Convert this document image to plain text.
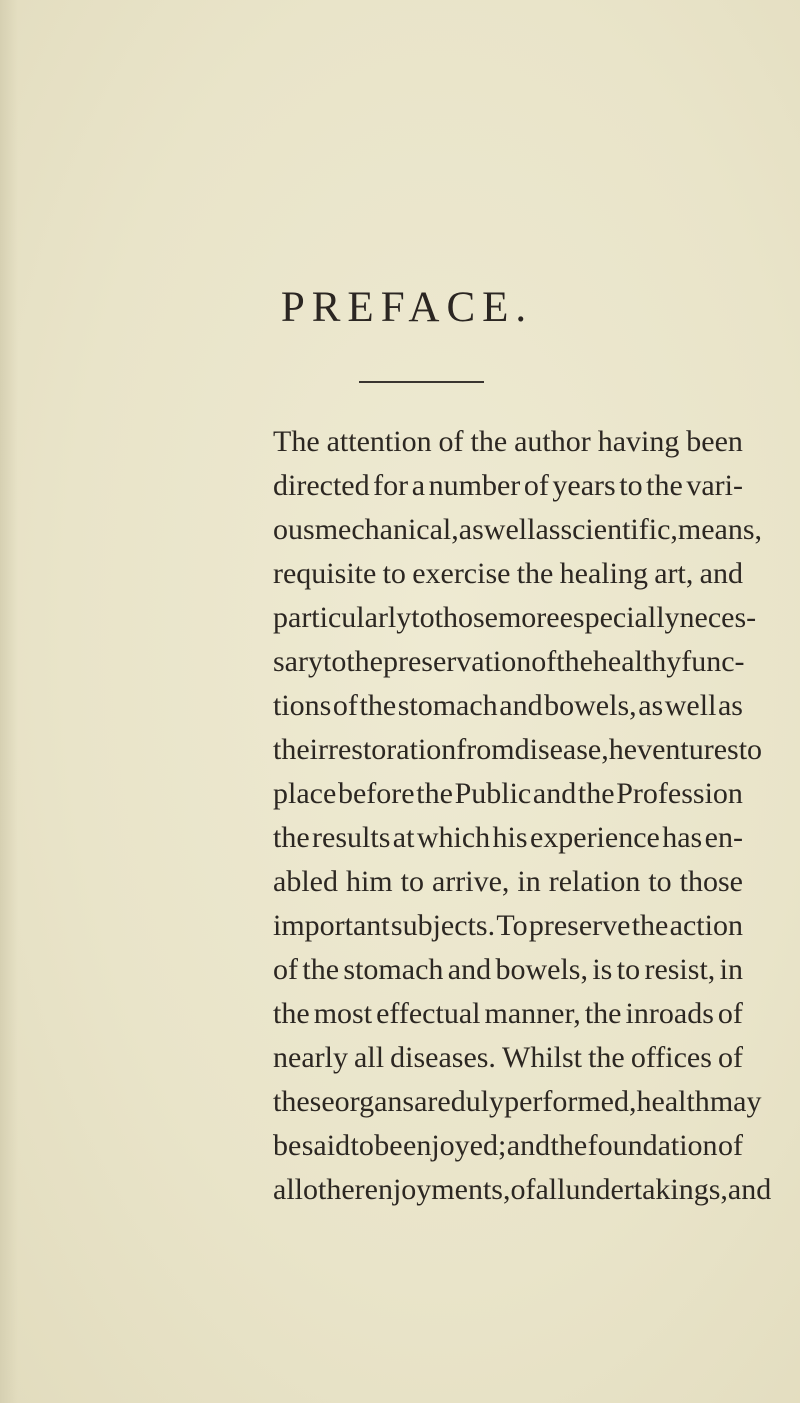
PREFACE.
The attention of the author having been
directed for a number of years to the vari-
ous mechanical, as well as scientific, means,
requisite to exercise the healing art, and
particularly to those more especially neces-
sary to the preservation of the healthy func-
tions of the stomach and bowels, as well as
their restoration from disease, he ventures to
place before the Public and the Profession
the results at which his experience has en-
abled him to arrive, in relation to those
important subjects. To preserve the action
of the stomach and bowels, is to resist, in
the most effectual manner, the inroads of
nearly all diseases. Whilst the offices of
these organs are duly performed, health may
be said to be enjoyed; and the foundation of
all other enjoyments, of all undertakings, and
